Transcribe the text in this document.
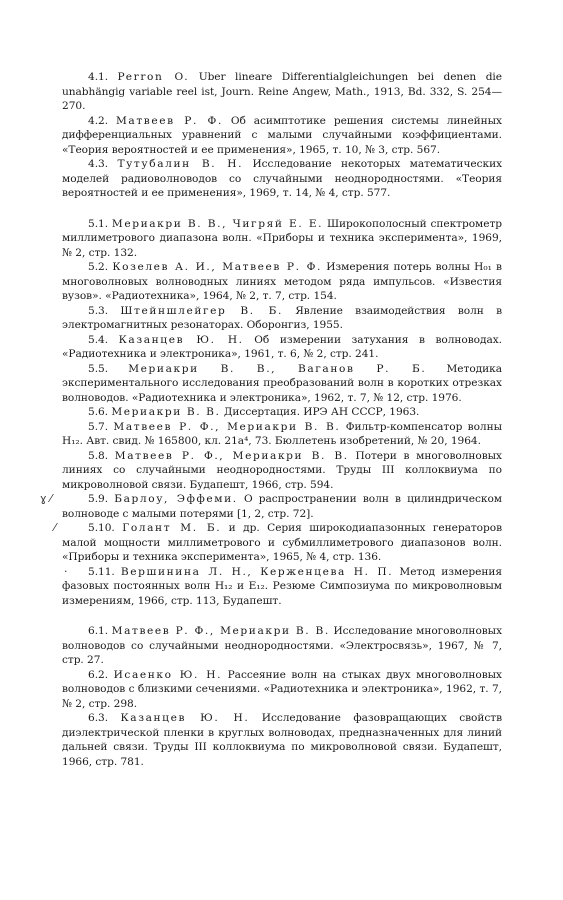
4.1. Perron O. Uber lineare Differentialgleichungen bei denen die unabhängig variable reel ist, Journ. Reine Angew, Math., 1913, Bd. 332, S. 254—270.

4.2. Матвеев Р. Ф. Об асимптотике решения системы линейных дифференциальных уравнений с малыми случайными коэффициентами. «Теория вероятностей и ее применения», 1965, т. 10, № 3, стр. 567.

4.3. Тутубалин В. Н. Исследование некоторых математических моделей радиоволноводов со случайными неоднородностями. «Теория вероятностей и ее применения», 1969, т. 14, № 4, стр. 577.

5.1. Мериакри В. В., Чигряй Е. Е. Широкополосный спектрометр миллиметрового диапазона волн. «Приборы и техника эксперимента», 1969, № 2, стр. 132.

5.2. Козелев А. И., Матвеев Р. Ф. Измерения потерь волны H₀₁ в многоволновых волноводных линиях методом ряда импульсов. «Известия вузов». «Радиотехника», 1964, № 2, т. 7, стр. 154.

5.3. Штейншлейгер В. Б. Явление взаимодействия волн в электромагнитных резонаторах. Оборонгиз, 1955.

5.4. Казанцев Ю. Н. Об измерении затухания в волноводах. «Радиотехника и электроника», 1961, т. 6, № 2, стр. 241.

5.5. Мериакри В. В., Ваганов Р. Б. Методика экспериментального исследования преобразований волн в коротких отрезках волноводов. «Радиотехника и электроника», 1962, т. 7, № 12, стр. 1976.

5.6. Мериакри В. В. Диссертация. ИРЭ АН СССР, 1963.

5.7. Матвеев Р. Ф., Мериакри В. В. Фильтр-компенсатор волны H₁₂. Авт. свид. № 165800, кл. 21a⁴, 73. Бюллетень изобретений, № 20, 1964.

5.8. Матвеев Р. Ф., Мериакри В. В. Потери в многоволновых линиях со случайными неоднородностями. Труды III коллоквиума по микроволновой связи. Будапешт, 1966, стр. 594.

ɣ ⁄	5.9. Барлоу, Эффеми. О распространении волн в цилиндрическом волноводе с малыми потерями [1, 2, стр. 72].

⁄	5.10. Голант М. Б. и др. Серия широкодиапазонных генераторов малой мощности миллиметрового и субмиллиметрового диапазонов волн. «Приборы и техника эксперимента», 1965, № 4, стр. 136.

· 5.11. Вершинина Л. Н., Керженцева Н. П. Метод измерения фазовых постоянных волн H₁₂ и E₁₂. Резюме Симпозиума по микроволновым измерениям, 1966, стр. 113, Будапешт.

6.1. Матвеев Р. Ф., Мериакри В. В. Исследование многоволновых волноводов со случайными неоднородностями. «Электросвязь», 1967, № 7, стр. 27.

6.2. Исаенко Ю. Н. Рассеяние волн на стыках двух многоволновых волноводов с близкими сечениями. «Радиотехника и электроника», 1962, т. 7, № 2, стр. 298.

6.3. Казанцев Ю. Н. Исследование фазовращающих свойств диэлектрической пленки в круглых волноводах, предназначенных для линий дальней связи. Труды III коллоквиума по микроволновой связи. Будапешт, 1966, стр. 781.
